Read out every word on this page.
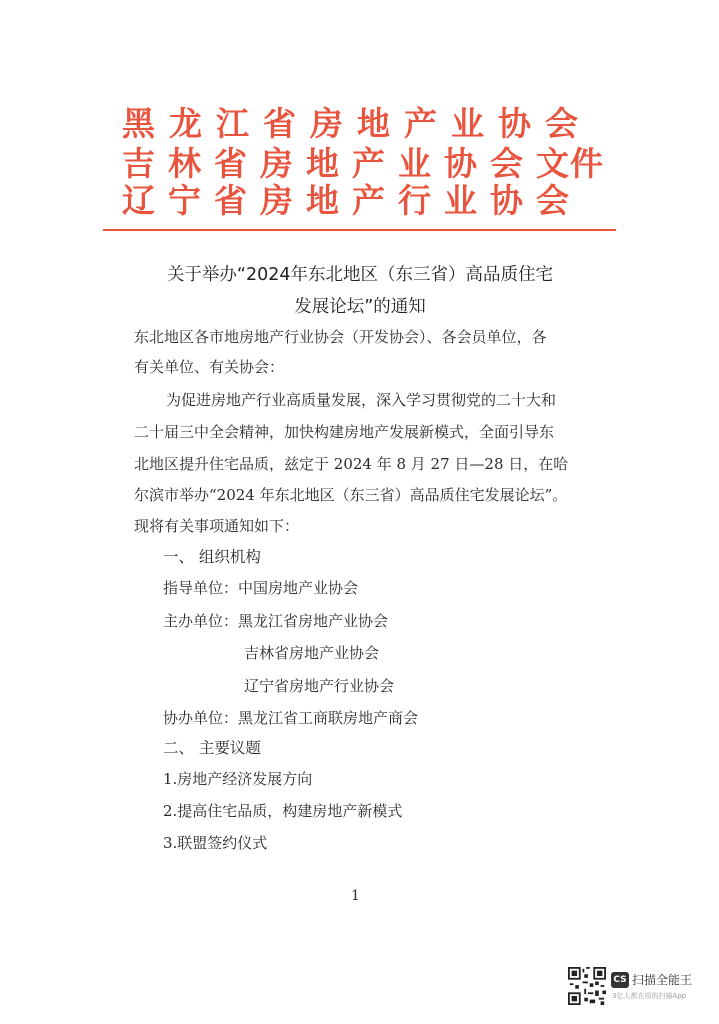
黑龙江省房地产业协会
吉林省房地产业协会文件
辽宁省房地产行业协会
关于举办“2024年东北地区（东三省）高品质住宅
发展论坛”的通知
东北地区各市地房地产行业协会（开发协会）、各会员单位，各
有关单位、有关协会：
为促进房地产行业高质量发展，深入学习贯彻党的二十大和
二十届三中全会精神，加快构建房地产发展新模式，全面引导东
北地区提升住宅品质，兹定于 2024 年 8 月 27 日—28 日，在哈
尔滨市举办“2024 年东北地区（东三省）高品质住宅发展论坛”。
现将有关事项通知如下：
一、 组织机构
指导单位：中国房地产业协会
主办单位：黑龙江省房地产业协会
吉林省房地产业协会
辽宁省房地产行业协会
协办单位：黑龙江省工商联房地产商会
二、 主要议题
1.房地产经济发展方向
2.提高住宅品质，构建房地产新模式
3.联盟签约仪式
1
CS 扫描全能王
3亿人都在用的扫描App
